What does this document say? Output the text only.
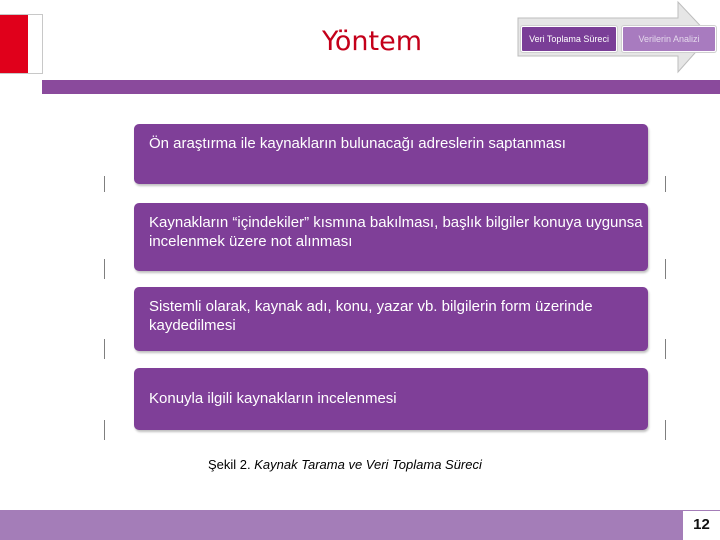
Yöntem	Veri Toplama Süreci	Verilerin Analizi
Ön araştırma ile kaynakların bulunacağı adreslerin saptanması
Kaynakların “içindekiler” kısmına bakılması, başlık bilgiler konuya uygunsa incelenmek üzere not alınması
Sistemli olarak, kaynak adı, konu, yazar vb. bilgilerin form üzerinde kaydedilmesi
Konuyla ilgili kaynakların incelenmesi
Şekil 2. Kaynak Tarama ve Veri Toplama Süreci
12
